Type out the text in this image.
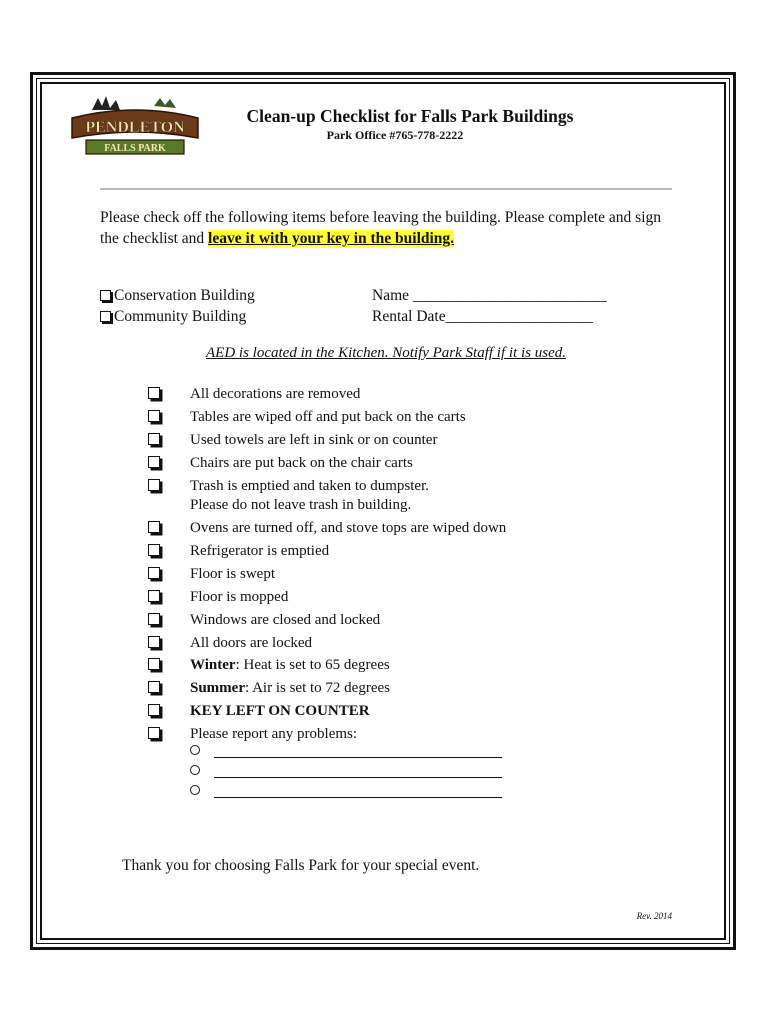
PENDLETON
FALLS PARK
Clean-up Checklist for Falls Park Buildings
Park Office #765-778-2222
Please check off the following items before leaving the building. Please complete and sign the checklist and leave it with your key in the building.
Conservation Building
Community Building
Name _________________________
Rental Date___________________
AED is located in the Kitchen. Notify Park Staff if it is used.
All decorations are removed
Tables are wiped off and put back on the carts
Used towels are left in sink or on counter
Chairs are put back on the chair carts
Trash is emptied and taken to dumpster.
Please do not leave trash in building.
Ovens are turned off, and stove tops are wiped down
Refrigerator is emptied
Floor is swept
Floor is mopped
Windows are closed and locked
All doors are locked
Winter: Heat is set to 65 degrees
Summer: Air is set to 72 degrees
KEY LEFT ON COUNTER
Please report any problems:
Thank you for choosing Falls Park for your special event.
Rev. 2014
